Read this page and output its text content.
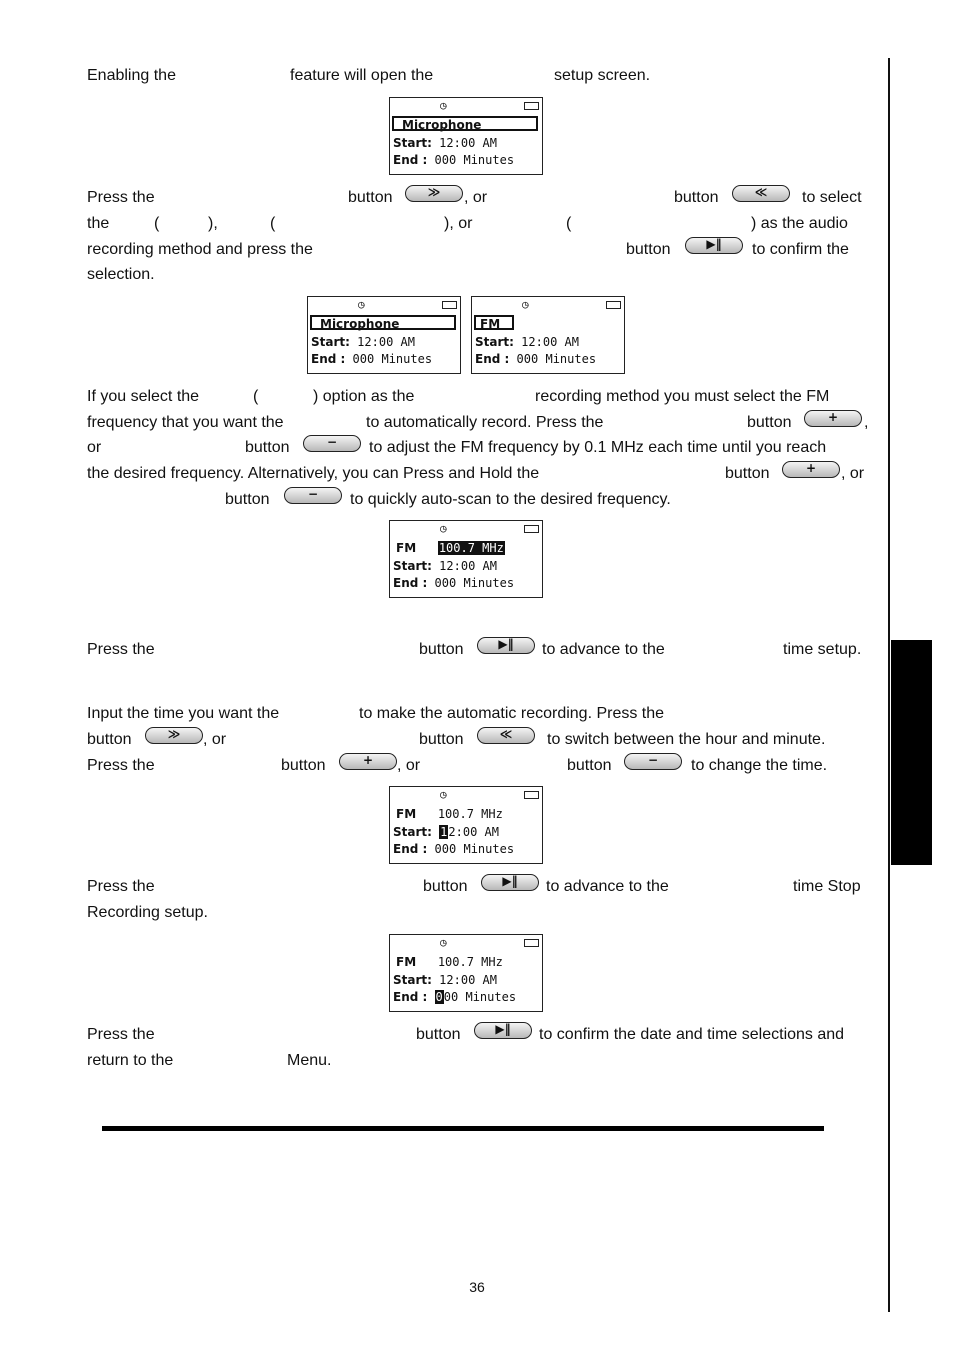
Enabling the	feature will open the	setup screen.
◷
Microphone
Start: 12:00 AM
End : 000 Minutes
Press the	button	≫	, or	button	≪	to select
the	(	),	(	), or	(	) as the audio
recording method and press the	button	▶‖	to confirm the
selection.
◷
Microphone
Start: 12:00 AM
End : 000 Minutes
◷
FM
Start: 12:00 AM
End : 000 Minutes
If you select the	(	) option as the	recording method you must select the FM
frequency that you want the	to automatically record. Press the	button	+	,
or	button	−	to adjust the FM frequency by 0.1 MHz each time until you reach
the desired frequency. Alternatively, you can Press and Hold the	button	+	, or
button	−	to quickly auto-scan to the desired frequency.
◷
FM 100.7 MHz
Start: 12:00 AM
End : 000 Minutes
Press the	button	▶‖	to advance to the	time setup.
Input the time you want the	to make the automatic recording. Press the
button	≫	, or	button	≪	to switch between the hour and minute.
Press the	button	+	, or	button	−	to change the time.
◷
FM 100.7 MHz
Start: 12:00 AM
End : 000 Minutes
Press the	button	▶‖	to advance to the	time Stop
Recording setup.
◷
FM 100.7 MHz
Start: 12:00 AM
End : 000 Minutes
Press the	button	▶‖	to confirm the date and time selections and
return to the	Menu.
36
